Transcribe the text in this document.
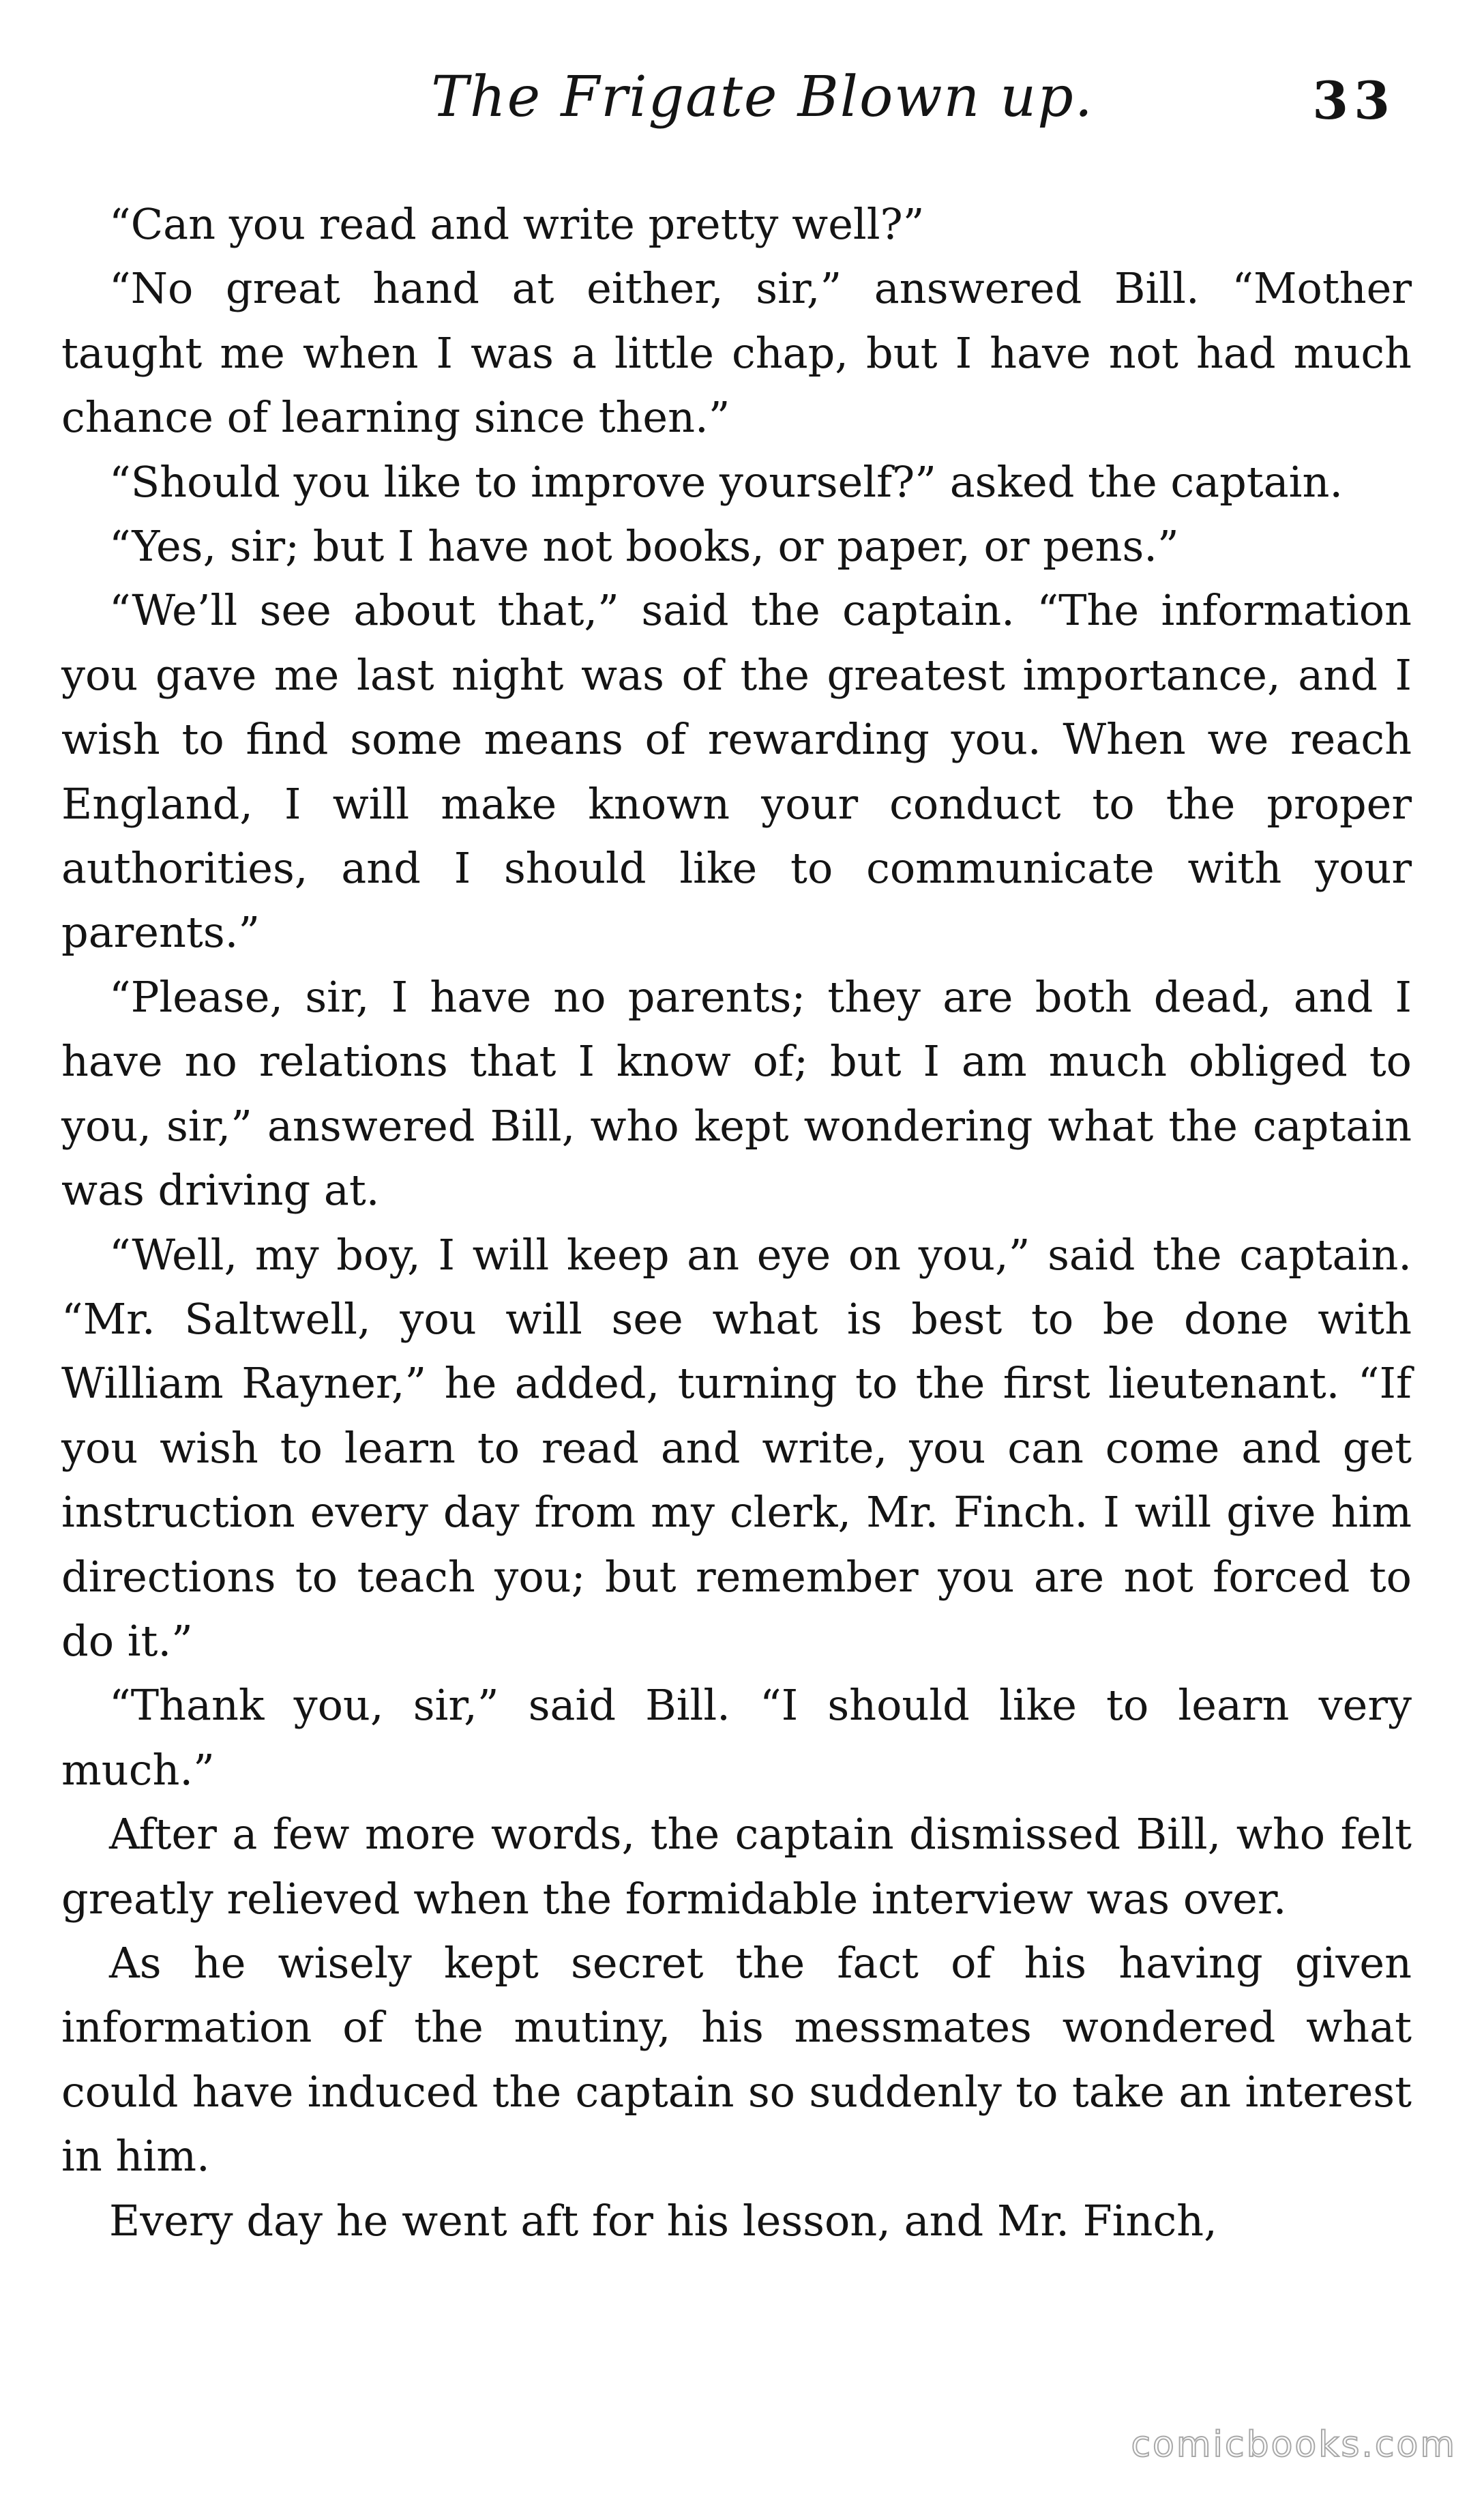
The Frigate Blown up.	33

“Can you read and write pretty well?”

“No great hand at either, sir,” answered Bill. “Mother taught me when I was a little chap, but I have not had much chance of learning since then.”

“Should you like to improve yourself?” asked the captain.

“Yes, sir; but I have not books, or paper, or pens.”

“We’ll see about that,” said the captain. “The information you gave me last night was of the greatest importance, and I wish to find some means of rewarding you. When we reach England, I will make known your conduct to the proper authorities, and I should like to communicate with your parents.”

“Please, sir, I have no parents; they are both dead, and I have no relations that I know of; but I am much obliged to you, sir,” answered Bill, who kept wondering what the captain was driving at.

“Well, my boy, I will keep an eye on you,” said the captain. “Mr. Saltwell, you will see what is best to be done with William Rayner,” he added, turning to the first lieutenant. “If you wish to learn to read and write, you can come and get instruction every day from my clerk, Mr. Finch. I will give him directions to teach you; but remember you are not forced to do it.”

“Thank you, sir,” said Bill. “I should like to learn very much.”

After a few more words, the captain dismissed Bill, who felt greatly relieved when the formidable interview was over.

As he wisely kept secret the fact of his having given information of the mutiny, his messmates wondered what could have induced the captain so suddenly to take an interest in him.

Every day he went aft for his lesson, and Mr. Finch,

comicbooks.com
